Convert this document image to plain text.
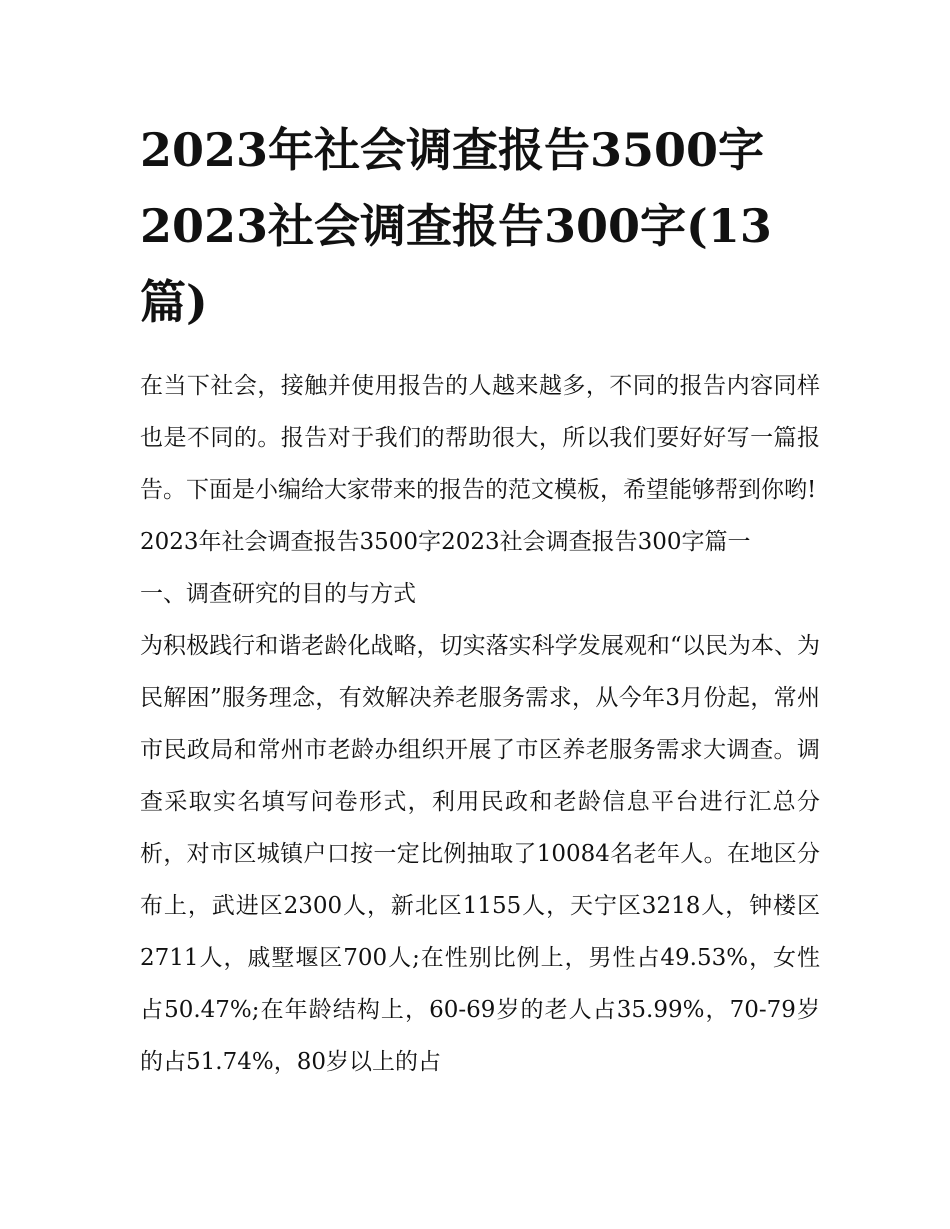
2023年社会调查报告3500字2023社会调查报告300字(13篇)

在当下社会，接触并使用报告的人越来越多，不同的报告内容同样也是不同的。报告对于我们的帮助很大，所以我们要好好写一篇报告。下面是小编给大家带来的报告的范文模板，希望能够帮到你哟!

2023年社会调查报告3500字2023社会调查报告300字篇一

一、调查研究的目的与方式

为积极践行和谐老龄化战略，切实落实科学发展观和“以民为本、为民解困”服务理念，有效解决养老服务需求，从今年3月份起，常州市民政局和常州市老龄办组织开展了市区养老服务需求大调查。调查采取实名填写问卷形式，利用民政和老龄信息平台进行汇总分析，对市区城镇户口按一定比例抽取了10084名老年人。在地区分布上，武进区2300人，新北区1155人，天宁区3218人，钟楼区2711人，戚墅堰区700人;在性别比例上，男性占49.53%，女性占50.47%;在年龄结构上，60-69岁的老人占35.99%，70-79岁的占51.74%，80岁以上的占
